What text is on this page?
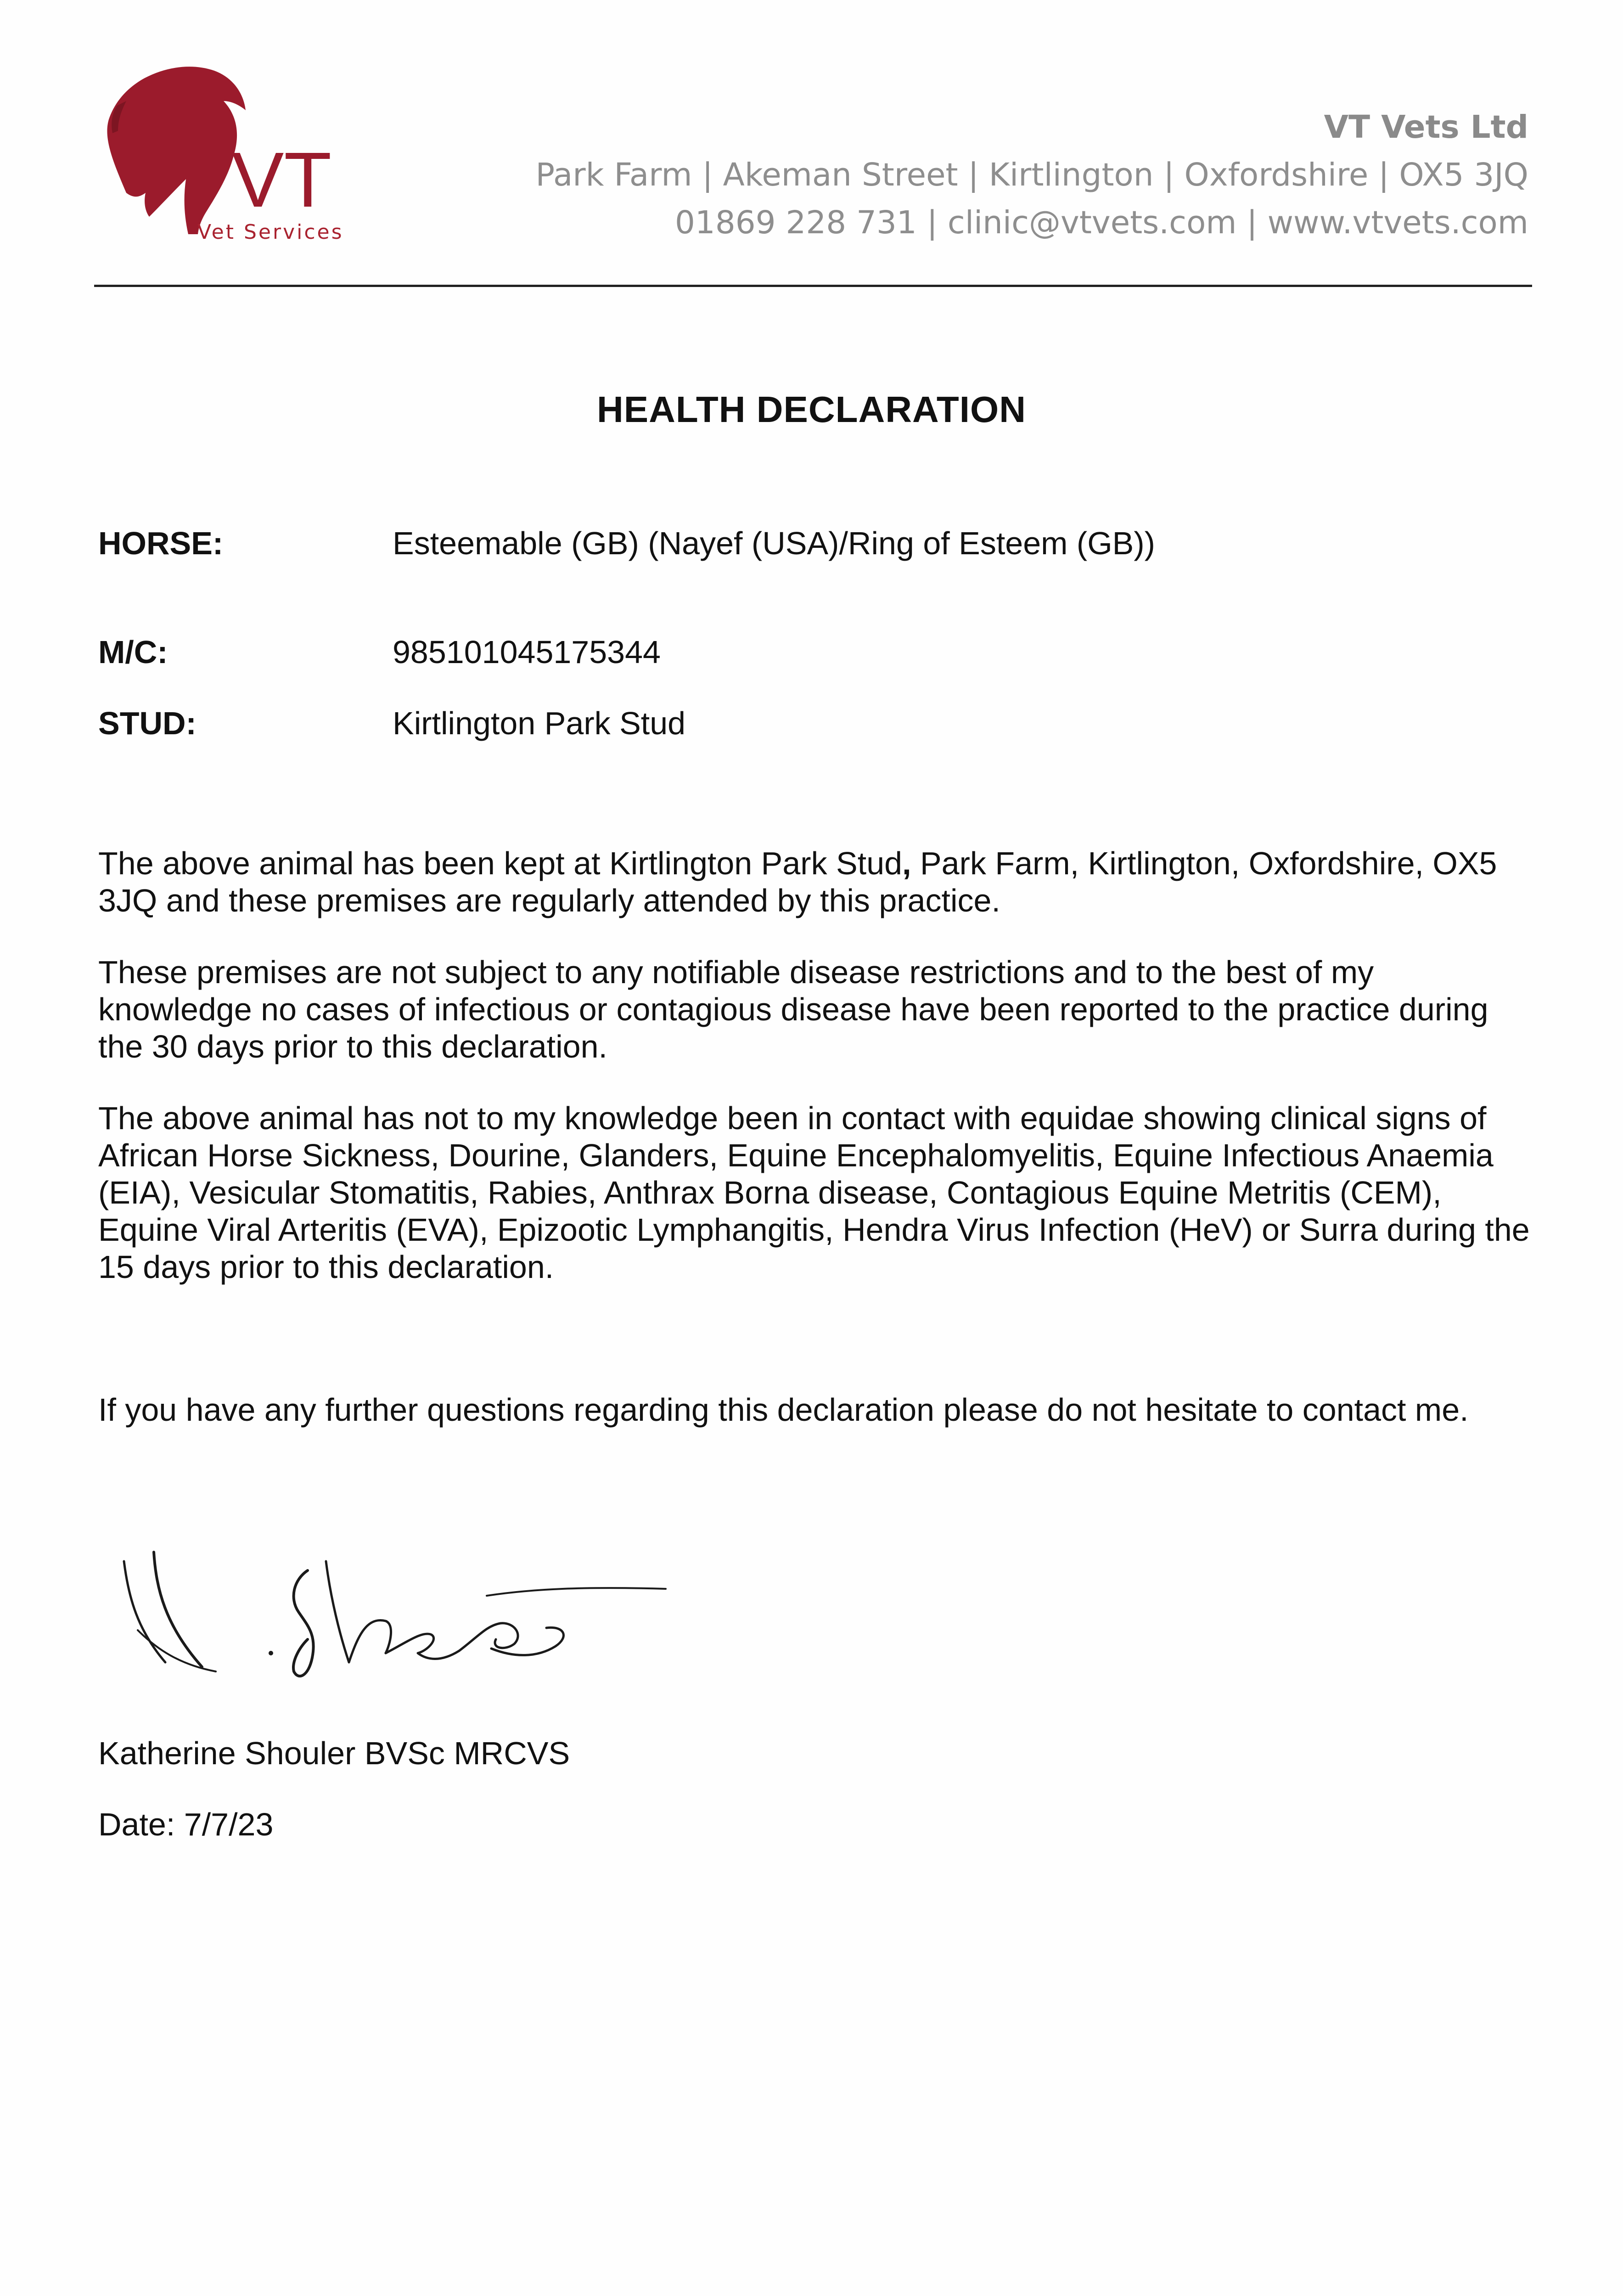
VT
Vet Services
VT Vets Ltd
Park Farm | Akeman Street | Kirtlington | Oxfordshire | OX5 3JQ
01869 228 731 | clinic@vtvets.com | www.vtvets.com
HEALTH DECLARATION
HORSE:	Esteemable (GB) (Nayef (USA)/Ring of Esteem (GB))
M/C:	985101045175344
STUD:	Kirtlington Park Stud
The above animal has been kept at Kirtlington Park Stud, Park Farm, Kirtlington, Oxfordshire, OX5 3JQ and these premises are regularly attended by this practice.
These premises are not subject to any notifiable disease restrictions and to the best of my knowledge no cases of infectious or contagious disease have been reported to the practice during the 30 days prior to this declaration.
The above animal has not to my knowledge been in contact with equidae showing clinical signs of African Horse Sickness, Dourine, Glanders, Equine Encephalomyelitis, Equine Infectious Anaemia (EIA), Vesicular Stomatitis, Rabies, Anthrax Borna disease, Contagious Equine Metritis (CEM), Equine Viral Arteritis (EVA), Epizootic Lymphangitis, Hendra Virus Infection (HeV) or Surra during the 15 days prior to this declaration.
If you have any further questions regarding this declaration please do not hesitate to contact me.
Katherine Shouler BVSc MRCVS
Date: 7/7/23
